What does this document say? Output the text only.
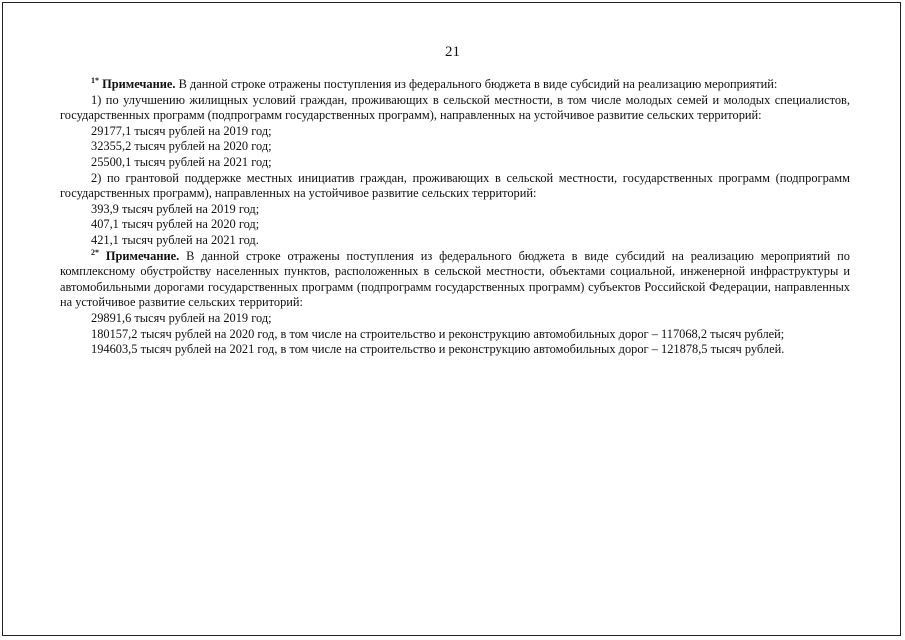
21

$^{1*}$ Примечание. В данной строке отражены поступления из федерального бюджета в виде субсидий на реализацию мероприятий:

1) по улучшению жилищных условий граждан, проживающих в сельской местности, в том числе молодых семей и молодых специалистов, государственных программ (подпрограмм государственных программ), направленных на устойчивое развитие сельских территорий:

29177,1 тысяч рублей на 2019 год;

32355,2 тысяч рублей на 2020 год;

25500,1 тысяч рублей на 2021 год;

2) по грантовой поддержке местных инициатив граждан, проживающих в сельской местности, государственных программ (подпрограмм государственных программ), направленных на устойчивое развитие сельских территорий:

393,9 тысяч рублей на 2019 год;

407,1 тысяч рублей на 2020 год;

421,1 тысяч рублей на 2021 год.

$^{2*}$ Примечание. В данной строке отражены поступления из федерального бюджета в виде субсидий на реализацию мероприятий по комплексному обустройству населенных пунктов, расположенных в сельской местности, объектами социальной, инженерной инфраструктуры и автомобильными дорогами государственных программ (подпрограмм государственных программ) субъектов Российской Федерации, направленных на устойчивое развитие сельских территорий:

29891,6 тысяч рублей на 2019 год;

180157,2 тысяч рублей на 2020 год, в том числе на строительство и реконструкцию автомобильных дорог – 117068,2 тысяч рублей;

194603,5 тысяч рублей на 2021 год, в том числе на строительство и реконструкцию автомобильных дорог – 121878,5 тысяч рублей.
